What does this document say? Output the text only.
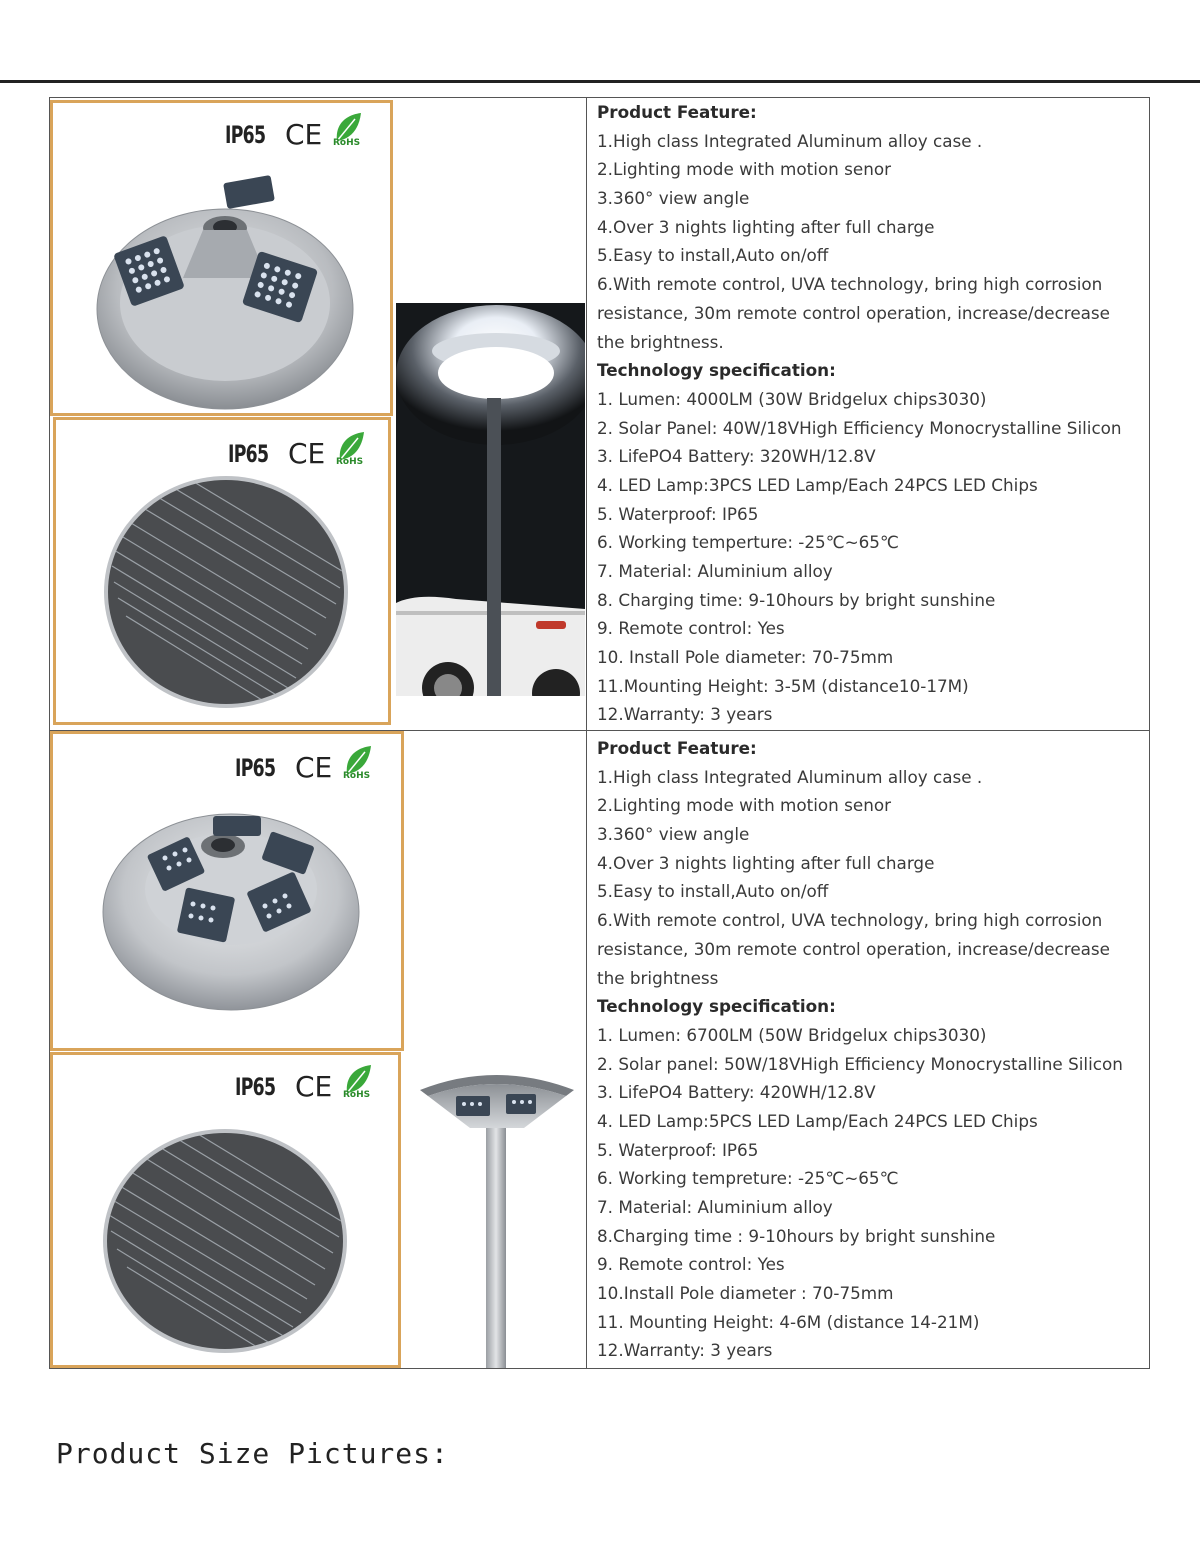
IP65 CE RoHS
IP65 CE RoHS
Product Feature:
1.High class Integrated Aluminum alloy case .
2.Lighting mode with motion senor
3.360° view angle
4.Over 3 nights lighting after full charge
5.Easy to install,Auto on/off
6.With remote control, UVA technology, bring high corrosion
resistance, 30m remote control operation, increase/decrease
the brightness.
Technology specification:
1. Lumen: 4000LM (30W Bridgelux chips3030)
2. Solar Panel: 40W/18VHigh Efficiency Monocrystalline Silicon
3. LifePO4 Battery: 320WH/12.8V
4. LED Lamp:3PCS LED Lamp/Each 24PCS LED Chips
5. Waterproof: IP65
6. Working temperture: -25℃~65℃
7. Material: Aluminium alloy
8. Charging time: 9-10hours by bright sunshine
9. Remote control: Yes
10. Install Pole diameter: 70-75mm
11.Mounting Height: 3-5M (distance10-17M)
12.Warranty: 3 years
IP65 CE RoHS
IP65 CE RoHS
Product Feature:
1.High class Integrated Aluminum alloy case .
2.Lighting mode with motion senor
3.360° view angle
4.Over 3 nights lighting after full charge
5.Easy to install,Auto on/off
6.With remote control, UVA technology, bring high corrosion
resistance, 30m remote control operation, increase/decrease
the brightness
Technology specification:
1. Lumen: 6700LM (50W Bridgelux chips3030)
2. Solar panel: 50W/18VHigh Efficiency Monocrystalline Silicon
3. LifePO4 Battery: 420WH/12.8V
4. LED Lamp:5PCS LED Lamp/Each 24PCS LED Chips
5. Waterproof: IP65
6. Working tempreture: -25℃~65℃
7. Material: Aluminium alloy
8.Charging time : 9-10hours by bright sunshine
9. Remote control: Yes
10.Install Pole diameter : 70-75mm
11. Mounting Height: 4-6M (distance 14-21M)
12.Warranty: 3 years
Product Size Pictures:
